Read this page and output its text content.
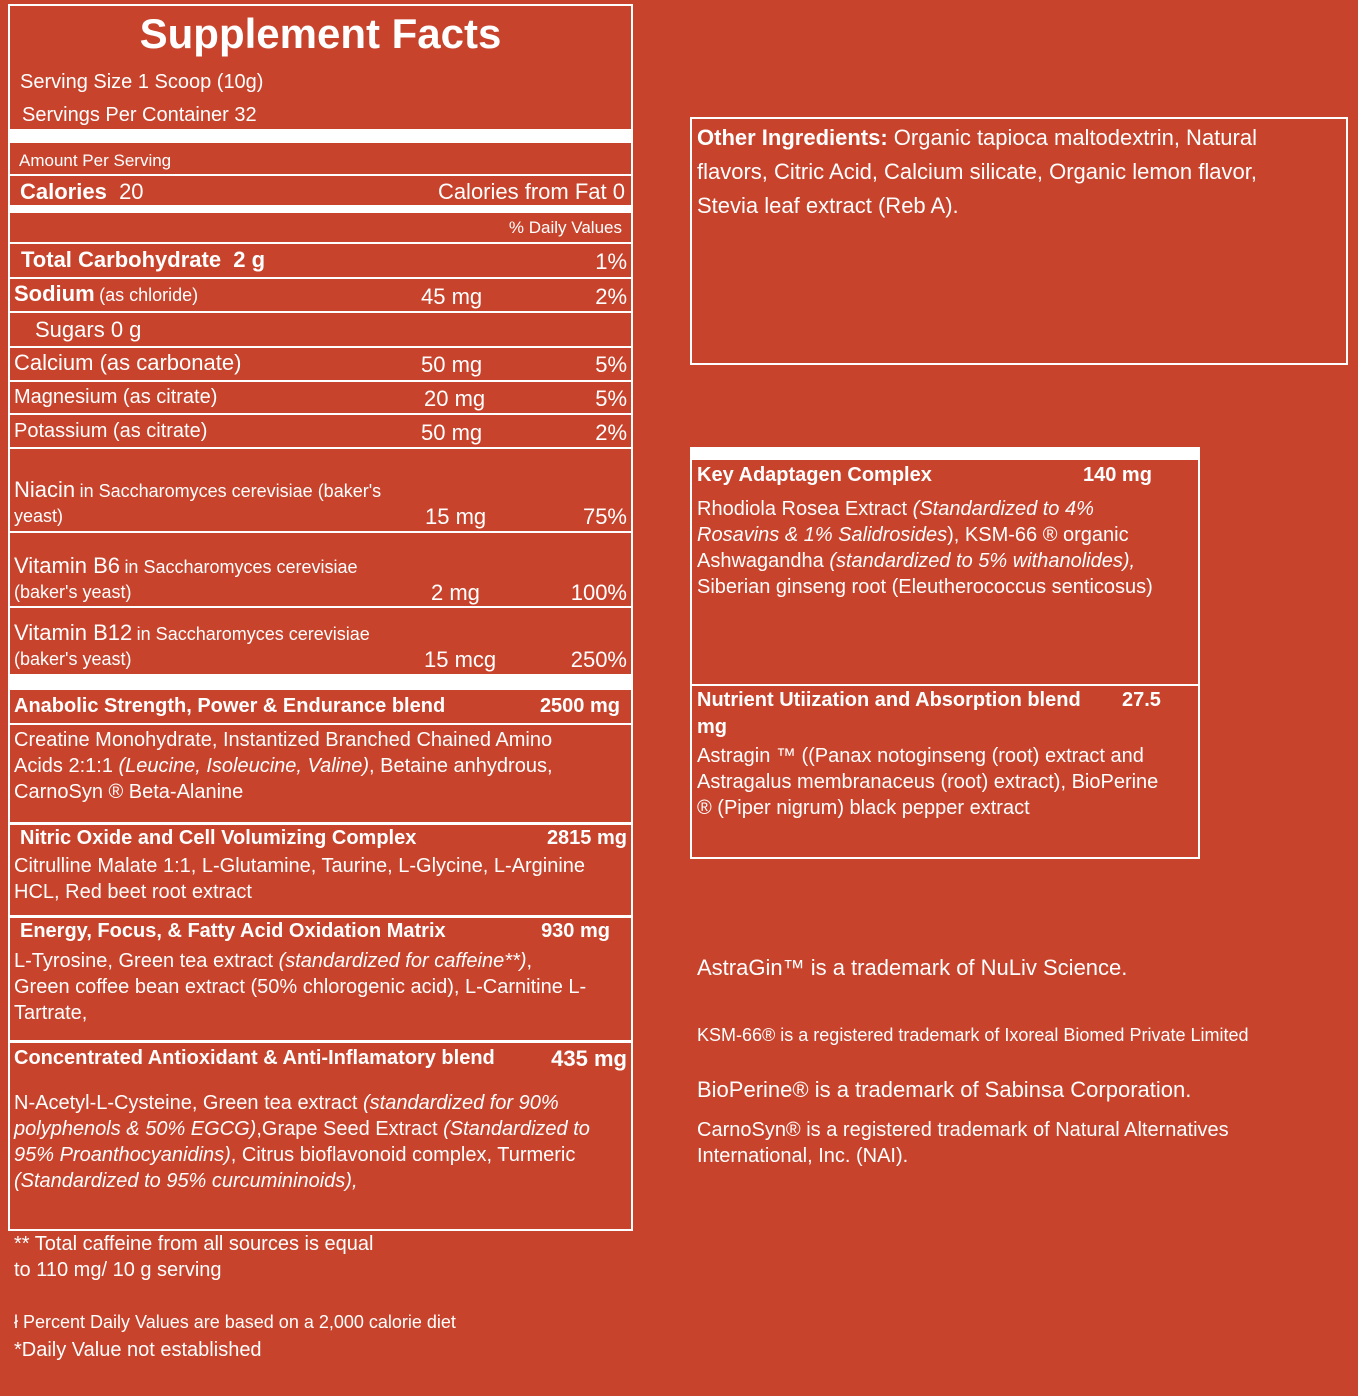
Supplement Facts
Serving Size 1 Scoop (10g)
Servings Per Container 32
Amount Per Serving
Calories 20	Calories from Fat 0
% Daily Values
Total Carbohydrate 2 g	1%
Sodium (as chloride)	45 mg	2%
Sugars 0 g
Calcium (as carbonate)	50 mg	5%
Magnesium (as citrate)	20 mg	5%
Potassium (as citrate)	50 mg	2%
Niacin in Saccharomyces cerevisiae (baker's
yeast)	15 mg	75%
Vitamin B6 in Saccharomyces cerevisiae
(baker's yeast)	2 mg	100%
Vitamin B12 in Saccharomyces cerevisiae
(baker's yeast)	15 mcg	250%
Anabolic Strength, Power & Endurance blend	2500 mg
Creatine Monohydrate, Instantized Branched Chained Amino
Acids 2:1:1 (Leucine, Isoleucine, Valine), Betaine anhydrous,
CarnoSyn ® Beta-Alanine
Nitric Oxide and Cell Volumizing Complex	2815 mg
Citrulline Malate 1:1, L-Glutamine, Taurine, L-Glycine, L-Arginine
HCL, Red beet root extract
Energy, Focus, & Fatty Acid Oxidation Matrix	930 mg
L-Tyrosine, Green tea extract (standardized for caffeine**),
Green coffee bean extract (50% chlorogenic acid), L-Carnitine L-
Tartrate,
Concentrated Antioxidant & Anti-Inflamatory blend	435 mg
N-Acetyl-L-Cysteine, Green tea extract (standardized for 90%
polyphenols & 50% EGCG),Grape Seed Extract (Standardized to
95% Proanthocyanidins), Citrus bioflavonoid complex, Turmeric
(Standardized to 95% curcumininoids),
** Total caffeine from all sources is equal
to 110 mg/ 10 g serving
ł Percent Daily Values are based on a 2,000 calorie diet
*Daily Value not established
Other Ingredients: Organic tapioca maltodextrin, Natural
flavors, Citric Acid, Calcium silicate, Organic lemon flavor,
Stevia leaf extract (Reb A).
Key Adaptagen Complex	140 mg
Rhodiola Rosea Extract (Standardized to 4%
Rosavins & 1% Salidrosides), KSM-66 ® organic
Ashwagandha (standardized to 5% withanolides),
Siberian ginseng root (Eleutherococcus senticosus)
Nutrient Utiization and Absorption blend 27.5
mg
Astragin ™ ((Panax notoginseng (root) extract and
Astragalus membranaceus (root) extract), BioPerine
® (Piper nigrum) black pepper extract
AstraGin™ is a trademark of NuLiv Science.
KSM-66® is a registered trademark of Ixoreal Biomed Private Limited
BioPerine® is a trademark of Sabinsa Corporation.
CarnoSyn® is a registered trademark of Natural Alternatives
International, Inc. (NAI).
